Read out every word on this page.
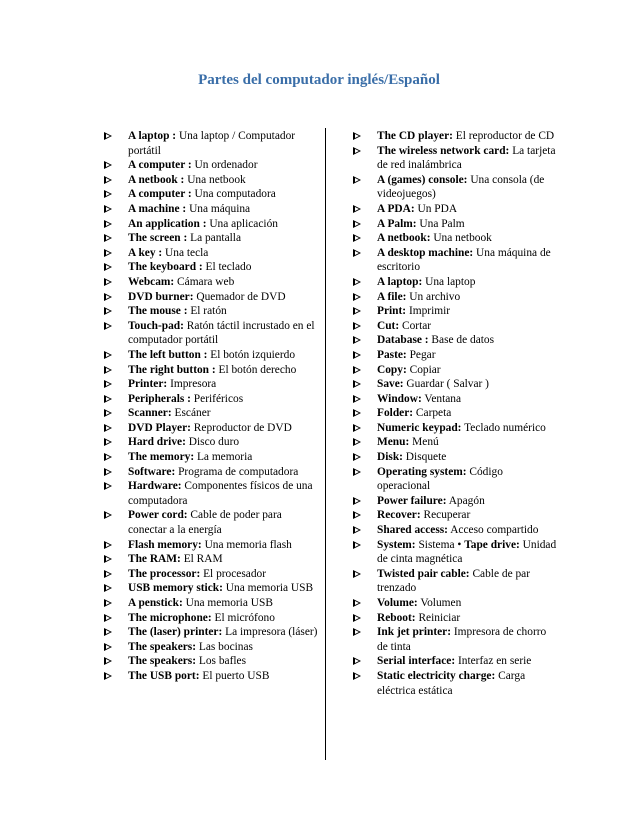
Partes del computador inglés/Español
A laptop : Una laptop / Computador portátil
A computer : Un ordenador
A netbook : Una netbook
A computer : Una computadora
A machine : Una máquina
An application : Una aplicación
The screen : La pantalla
A key : Una tecla
The keyboard : El teclado
Webcam: Cámara web
DVD burner: Quemador de DVD
The mouse : El ratón
Touch-pad: Ratón táctil incrustado en el computador portátil
The left button : El botón izquierdo
The right button : El botón derecho
Printer: Impresora
Peripherals : Periféricos
Scanner: Escáner
DVD Player: Reproductor de DVD
Hard drive: Disco duro
The memory: La memoria
Software: Programa de computadora
Hardware: Componentes físicos de una computadora
Power cord: Cable de poder para conectar a la energía
Flash memory: Una memoria flash
The RAM: El RAM
The processor: El procesador
USB memory stick: Una memoria USB
A penstick: Una memoria USB
The microphone: El micrófono
The (laser) printer: La impresora (láser)
The speakers: Las bocinas
The speakers: Los bafles
The USB port: El puerto USB
The CD player: El reproductor de CD
The wireless network card: La tarjeta de red inalámbrica
A (games) console: Una consola (de videojuegos)
A PDA: Un PDA
A Palm: Una Palm
A netbook: Una netbook
A desktop machine: Una máquina de escritorio
A laptop: Una laptop
A file: Un archivo
Print: Imprimir
Cut: Cortar
Database : Base de datos
Paste: Pegar
Copy: Copiar
Save: Guardar ( Salvar )
Window: Ventana
Folder: Carpeta
Numeric keypad: Teclado numérico
Menu: Menú
Disk: Disquete
Operating system: Código operacional
Power failure: Apagón
Recover: Recuperar
Shared access: Acceso compartido
System: Sistema • Tape drive: Unidad de cinta magnética
Twisted pair cable: Cable de par trenzado
Volume: Volumen
Reboot: Reiniciar
Ink jet printer: Impresora de chorro de tinta
Serial interface: Interfaz en serie
Static electricity charge: Carga eléctrica estática
